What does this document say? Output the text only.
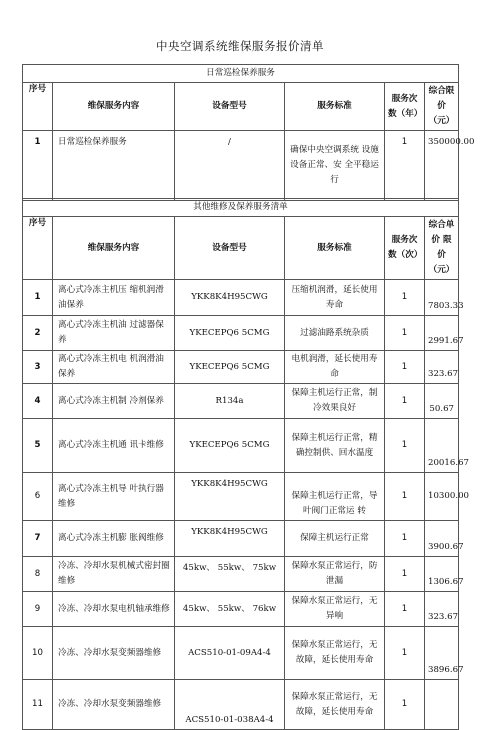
中央空调系统维保服务报价清单
日常巡检保养服务					
序号	维保服务内容	设备型号	服务标准	服务次数（年）	综合限价（元）
1	日常巡检保养服务	/	确保中央空调系统 设施设备正常、安 全平稳运行	1	350000.00
其他维修及保养服务清单					
序号	维保服务内容	设备型号	服务标准	服务次数（次）	综合单价 限价（元）
1	离心式冷冻主机压 缩机润滑油保养	YKK8K4H95CWG	压缩机润滑，延长使用寿命	1	7803.33
2	离心式冷冻主机油 过滤器保养	YKECEPQ6 5CMG	过滤油路系统杂质	1	2991.67
3	离心式冷冻主机电 机润滑油保养	YKECEPQ6 5CMG	电机润滑，延长使用寿命	1	323.67
4	离心式冷冻主机制 冷剂保养	R134a	保障主机运行正常，制冷效果良好	1	50.67
5	离心式冷冻主机通 讯卡维修	YKECEPQ6 5CMG	保障主机运行正常，精确控制供、回水温度	1	20016.67
6	离心式冷冻主机导 叶执行器维修	YKK8K4H95CWG	保障主机运行正常，导叶阀门正常运 转	1	10300.00
7	离心式冷冻主机膨 胀阀维修	YKK8K4H95CWG	保障主机运行正常	1	3900.67
8	冷冻、冷却水泵机械式密封圈维修	45kw、 55kw、 75kw	保障水泵正常运行，防泄漏	1	1306.67
9	冷冻、冷却水泵电机轴承维修	45kw、 55kw、 76kw	保障水泵正常运行，无异响	1	323.67
10	冷冻、冷却水泵变频器维修	ACS510-01-09A4-4	保障水泵正常运行，无故障，延长使用寿命	1	3896.67
11	冷冻、冷却水泵变频器维修	ACS510-01-038A4-4	保障水泵正常运行，无故障，延长使用寿命	1	
